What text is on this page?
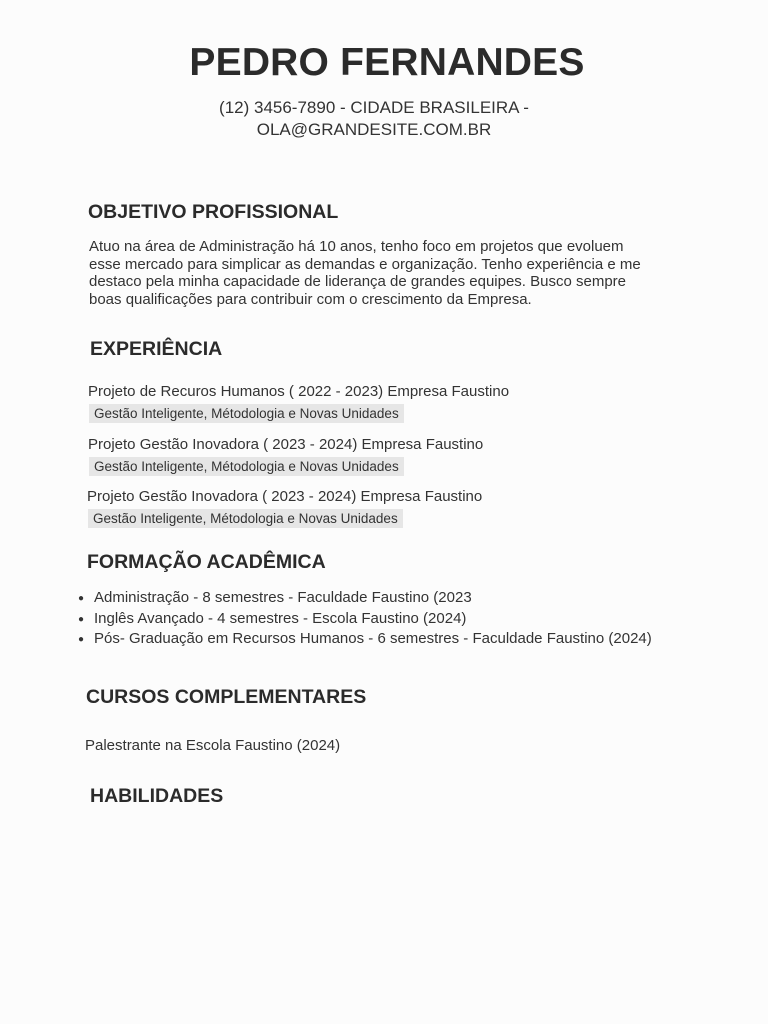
PEDRO FERNANDES
(12) 3456-7890 - CIDADE BRASILEIRA -
OLA@GRANDESITE.COM.BR
OBJETIVO PROFISSIONAL

Atuo na área de Administração há 10 anos, tenho foco em projetos que evoluem
esse mercado para simplicar as demandas e organização. Tenho experiência e me
destaco pela minha capacidade de liderança de grandes equipes. Busco sempre
boas qualificações para contribuir com o crescimento da Empresa.

EXPERIÊNCIA
Projeto de Recuros Humanos ( 2022 - 2023) Empresa Faustino
Gestão Inteligente, Métodologia e Novas Unidades
Projeto Gestão Inovadora ( 2023 - 2024) Empresa Faustino
Gestão Inteligente, Métodologia e Novas Unidades
Projeto Gestão Inovadora ( 2023 - 2024) Empresa Faustino
Gestão Inteligente, Métodologia e Novas Unidades
FORMAÇÃO ACADÊMICA
● Administração - 8 semestres - Faculdade Faustino (2023
● Inglês Avançado - 4 semestres - Escola Faustino (2024)
● Pós- Graduação em Recursos Humanos - 6 semestres - Faculdade Faustino (2024)
CURSOS COMPLEMENTARES
Palestrante na Escola Faustino (2024)
HABILIDADES
